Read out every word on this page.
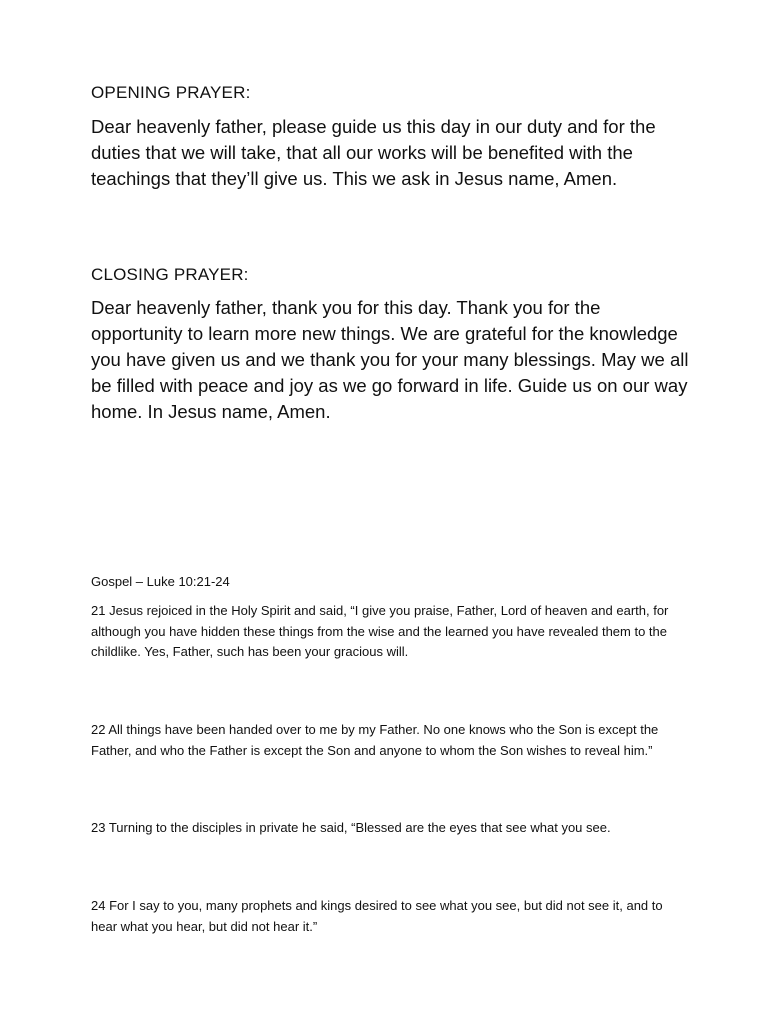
OPENING PRAYER:

Dear heavenly father, please guide us this day in our duty and for the duties that we will take, that all our works will be benefited with the teachings that they’ll give us. This we ask in Jesus name, Amen.

CLOSING PRAYER:

Dear heavenly father, thank you for this day. Thank you for the opportunity to learn more new things. We are grateful for the knowledge you have given us and we thank you for your many blessings. May we all be filled with peace and joy as we go forward in life. Guide us on our way home. In Jesus name, Amen.

Gospel – Luke 10:21-24

21 Jesus rejoiced in the Holy Spirit and said, “I give you praise, Father, Lord of heaven and earth, for although you have hidden these things from the wise and the learned you have revealed them to the childlike. Yes, Father, such has been your gracious will.

22 All things have been handed over to me by my Father. No one knows who the Son is except the Father, and who the Father is except the Son and anyone to whom the Son wishes to reveal him.”

23 Turning to the disciples in private he said, “Blessed are the eyes that see what you see.

24 For I say to you, many prophets and kings desired to see what you see, but did not see it, and to hear what you hear, but did not hear it.”
